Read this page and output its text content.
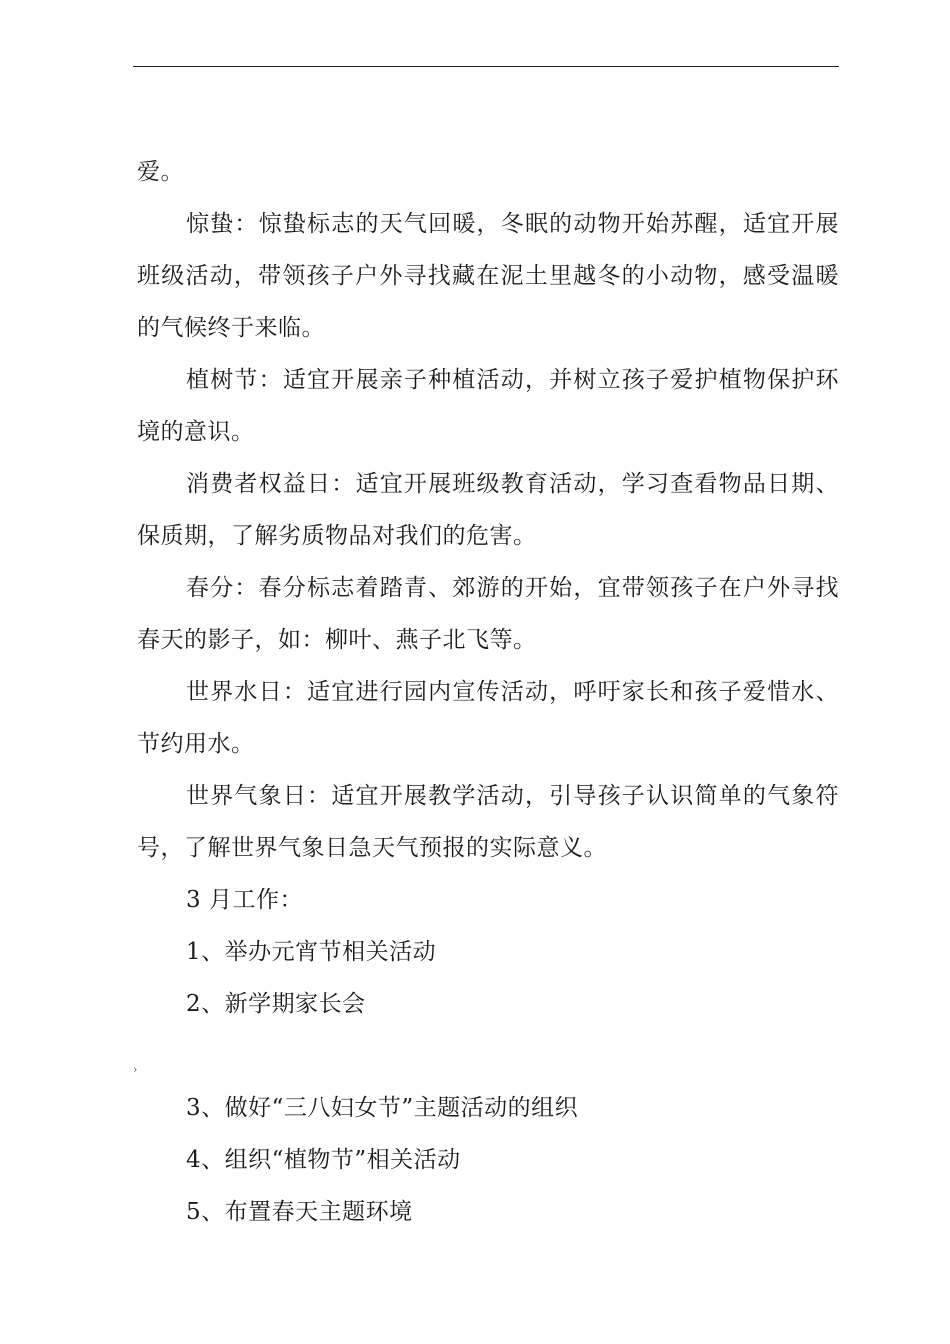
爱。

惊蛰：惊蛰标志的天气回暖，冬眠的动物开始苏醒，适宜开展班级活动，带领孩子户外寻找藏在泥土里越冬的小动物，感受温暖的气候终于来临。

植树节：适宜开展亲子种植活动，并树立孩子爱护植物保护环境的意识。

消费者权益日：适宜开展班级教育活动，学习查看物品日期、保质期，了解劣质物品对我们的危害。

春分：春分标志着踏青、郊游的开始，宜带领孩子在户外寻找春天的影子，如：柳叶、燕子北飞等。

世界水日：适宜进行园内宣传活动，呼吁家长和孩子爱惜水、节约用水。

世界气象日：适宜开展教学活动，引导孩子认识简单的气象符号，了解世界气象日急天气预报的实际意义。

3 月工作：

1、举办元宵节相关活动

2、新学期家长会

›

3、做好“三八妇女节”主题活动的组织

4、组织“植物节”相关活动

5、布置春天主题环境
